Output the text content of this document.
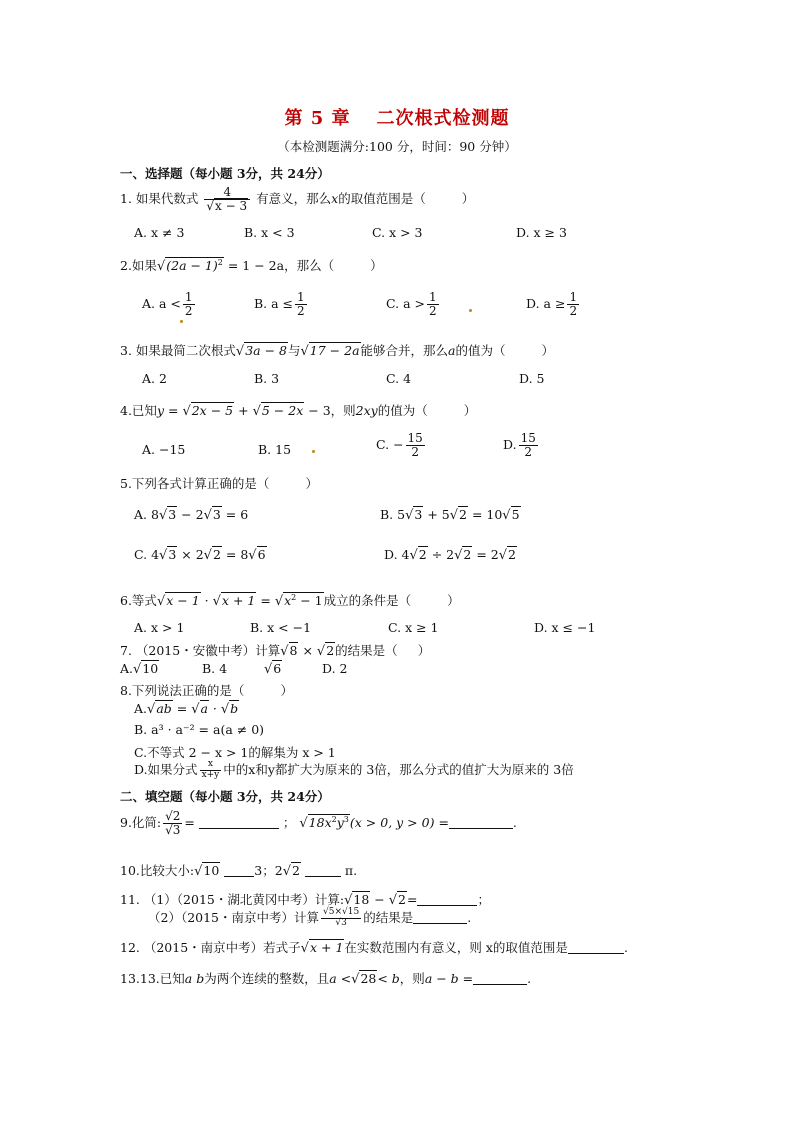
第 5 章 二次根式检测题
（本检测题满分:100 分，时间：90 分钟）
一、选择题（每小题 3分，共 24分）
1. 如果代数式 $\frac{4}{√x - 3}$ 有意义，那么x的取值范围是（	）
A. x ≠ 3	B. x < 3	C. x > 3	D. x ≥ 3
2.如果$√(2a - 1)^2 = 1 - 2a$，那么（	）
A. $a < \frac{1}{2}$	B. $a \le \frac{1}{2}$	C. $a > \frac{1}{2}$	D. $a \ge \frac{1}{2}$
3. 如果最简二次根式√3a − 8与√17 − 2a能够合并，那么a的值为（	）
A. 2	B. 3	C. 4	D. 5
4.已知y = √2x − 5 + √5 − 2x − 3，则2xy的值为（	）
A. −15	B. 15	C. − $\frac{15}{2}$	D. $\frac{15}{2}$
5.下列各式计算正确的是（	）
A. 8√3 − 2√3 = 6	B. 5√3 + 5√2 = 10√5
C. 4√3 × 2√2 = 8√6	D. 4√2 ÷ 2√2 = 2√2
6.等式$√x - 1 \cdot √x + 1 = √x^2 - 1$成立的条件是（	）
A. x > 1	B. x < −1	C. x ≥ 1	D. x ≤ −1
7. （2015・安徽中考）计算√8 × √2的结果是（ ）
A.√10	B. 4	√6	D. 2
8.下列说法正确的是（	）
A.√ab = √a · √b
B. a³ · a⁻² = a(a ≠ 0)
C.不等式 2 − x > 1的解集为 x > 1
D.如果分式 $\frac{x}{x+y}$ 中的x和y都扩大为原来的 3倍，那么分式的值扩大为原来的 3倍
二、填空题（每小题 3分，共 24分）
9.化简: $\frac{√2}{√3}$ =	； $√18x^2y^3(x > 0$, y > 0) =	.
10.比较大小:√10	3；2√2	π.
11. （1）（2015・湖北黄冈中考）计算:√18 − √2=	；
（2）（2015・南京中考）计算 $\frac{√5\times√15}{√3}$ 的结果是	.
12. （2015・南京中考）若式子√x + 1在实数范围内有意义，则 x的取值范围是	.
13.13.已知a b为两个连续的整数，且a <√28< b，则a − b =	.
